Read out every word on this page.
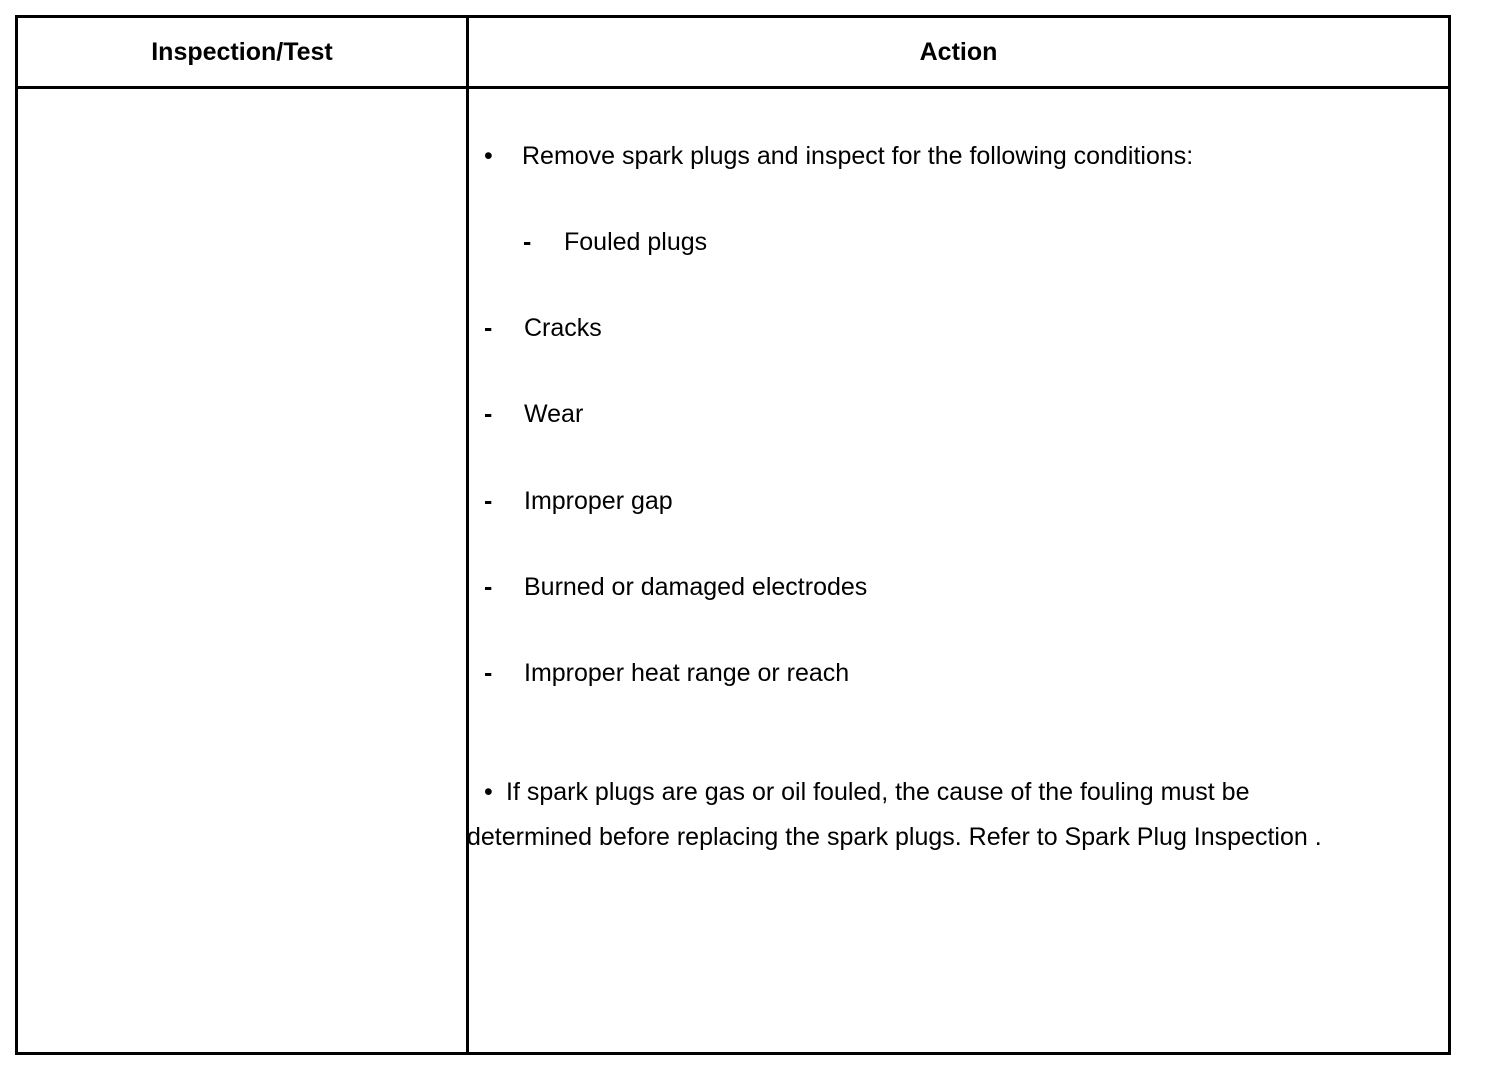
Inspection/Test	Action
• Remove spark plugs and inspect for the following conditions:
- Fouled plugs
- Cracks
- Wear
- Improper gap
- Burned or damaged electrodes
- Improper heat range or reach
• If spark plugs are gas or oil fouled, the cause of the fouling must be determined before replacing the spark plugs. Refer to Spark Plug Inspection .
